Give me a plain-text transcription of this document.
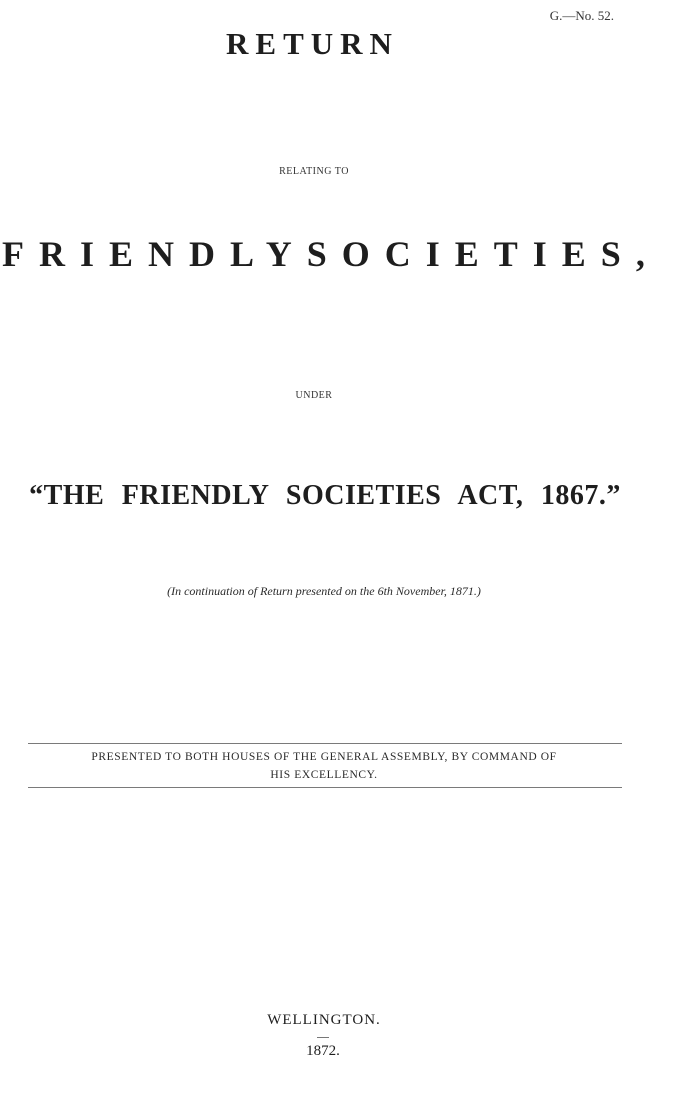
G.—No. 52.
RETURN
RELATING TO
FRIENDLY SOCIETIES,
UNDER
“THE FRIENDLY SOCIETIES ACT, 1867.”
(In continuation of Return presented on the 6th November, 1871.)
PRESENTED TO BOTH HOUSES OF THE GENERAL ASSEMBLY, BY COMMAND OF
HIS EXCELLENCY.
WELLINGTON.
1872.
